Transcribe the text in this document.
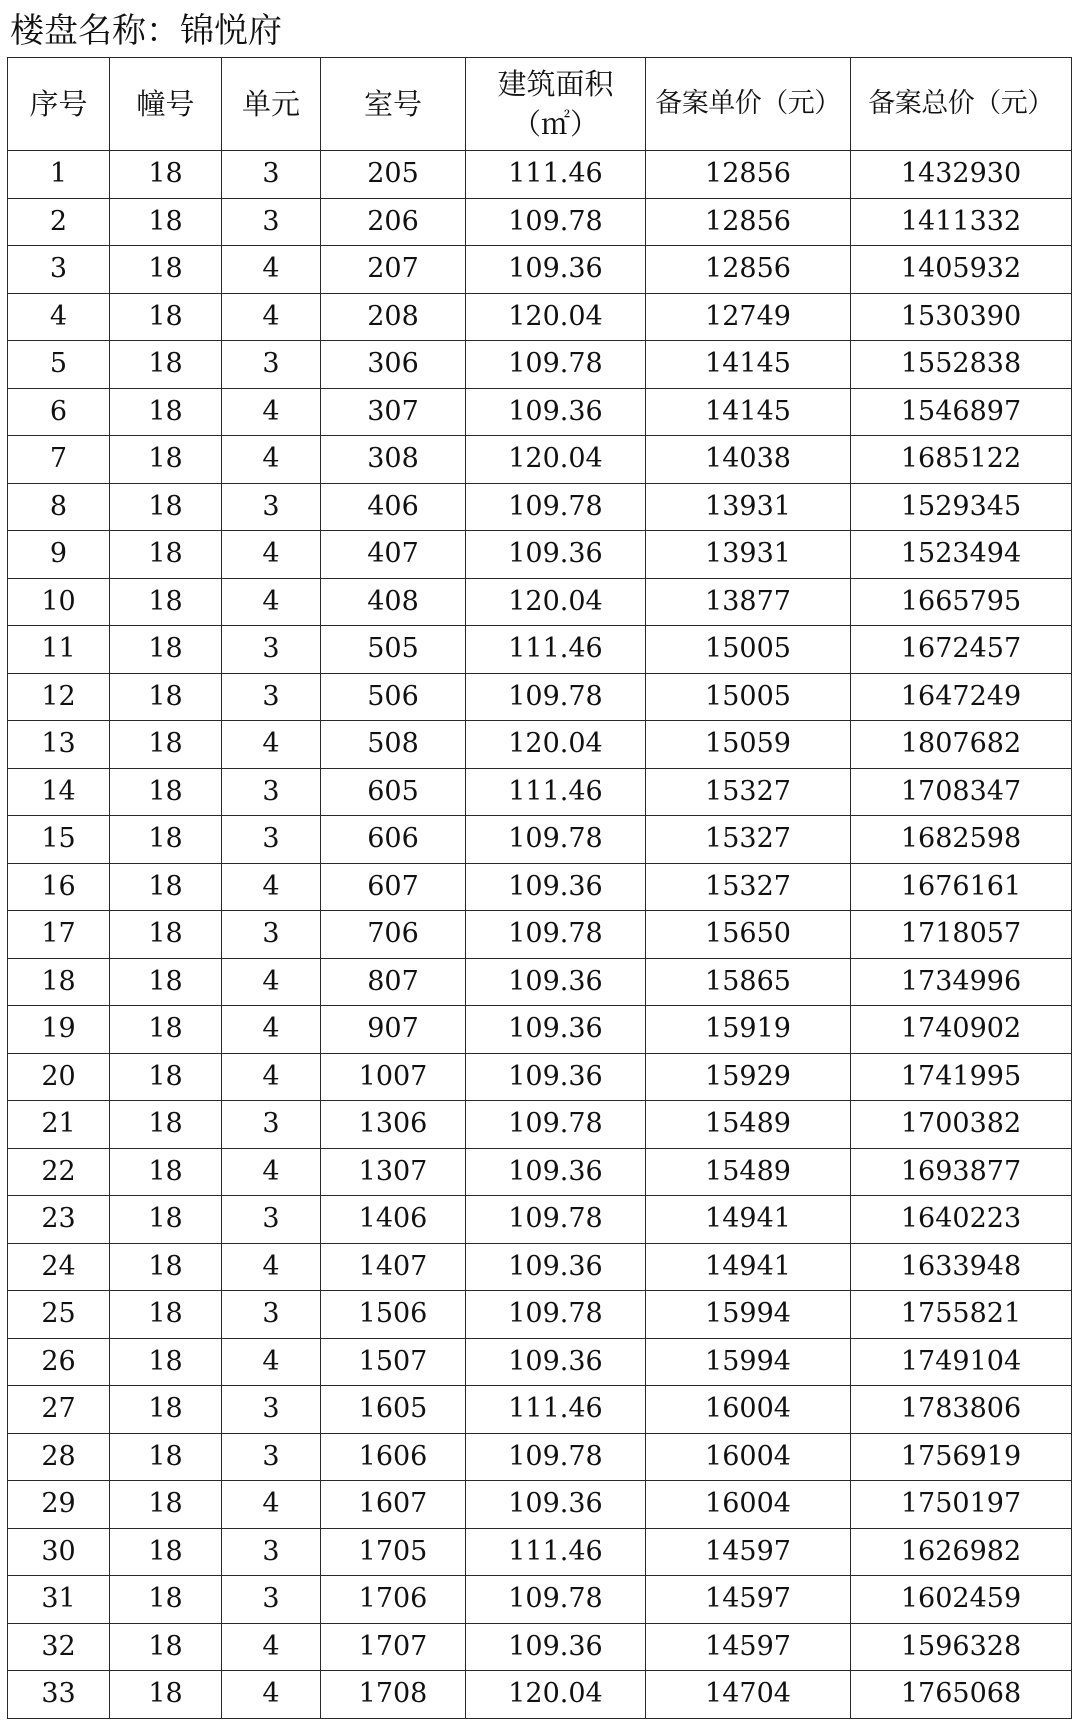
楼盘名称：锦悦府
序号	幢号	单元	室号	建筑面积（㎡）	备案单价（元）	备案总价（元）
1	18	3	205	111.46	12856	1432930
2	18	3	206	109.78	12856	1411332
3	18	4	207	109.36	12856	1405932
4	18	4	208	120.04	12749	1530390
5	18	3	306	109.78	14145	1552838
6	18	4	307	109.36	14145	1546897
7	18	4	308	120.04	14038	1685122
8	18	3	406	109.78	13931	1529345
9	18	4	407	109.36	13931	1523494
10	18	4	408	120.04	13877	1665795
11	18	3	505	111.46	15005	1672457
12	18	3	506	109.78	15005	1647249
13	18	4	508	120.04	15059	1807682
14	18	3	605	111.46	15327	1708347
15	18	3	606	109.78	15327	1682598
16	18	4	607	109.36	15327	1676161
17	18	3	706	109.78	15650	1718057
18	18	4	807	109.36	15865	1734996
19	18	4	907	109.36	15919	1740902
20	18	4	1007	109.36	15929	1741995
21	18	3	1306	109.78	15489	1700382
22	18	4	1307	109.36	15489	1693877
23	18	3	1406	109.78	14941	1640223
24	18	4	1407	109.36	14941	1633948
25	18	3	1506	109.78	15994	1755821
26	18	4	1507	109.36	15994	1749104
27	18	3	1605	111.46	16004	1783806
28	18	3	1606	109.78	16004	1756919
29	18	4	1607	109.36	16004	1750197
30	18	3	1705	111.46	14597	1626982
31	18	3	1706	109.78	14597	1602459
32	18	4	1707	109.36	14597	1596328
33	18	4	1708	120.04	14704	1765068
